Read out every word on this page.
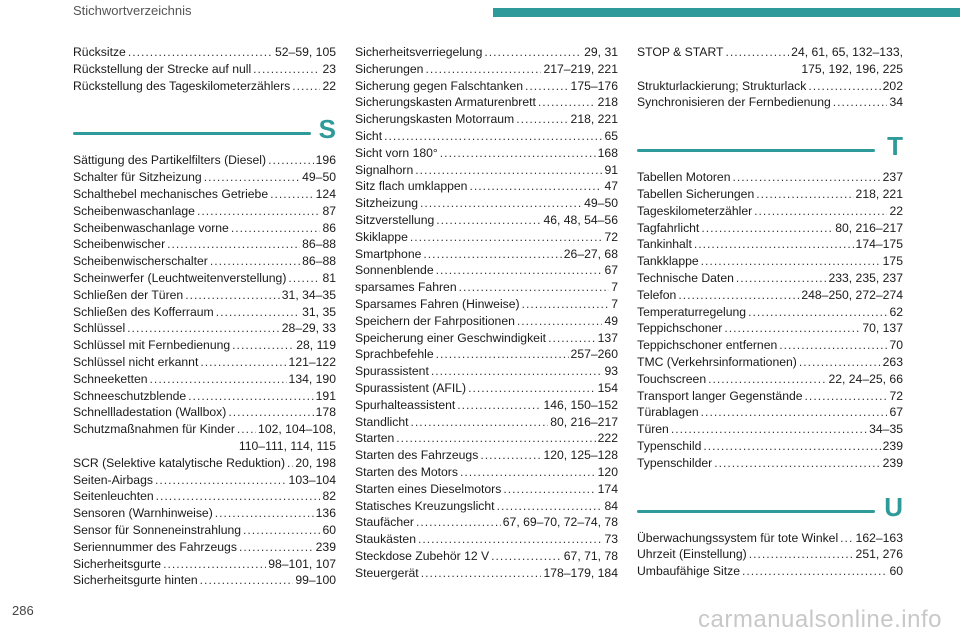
Stichwortverzeichnis
Rücksitze .....	52–59, 105
Rückstellung der Strecke auf null .....	23
Rückstellung des Tageskilometerzählers .....	22
S
Sättigung des Partikelfilters (Diesel) .....	196
Schalter für Sitzheizung .....	49–50
Schalthebel mechanisches Getriebe .....	124
Scheibenwaschanlage .....	87
Scheibenwaschanlage vorne .....	86
Scheibenwischer .....	86–88
Scheibenwischerschalter .....	86–88
Scheinwerfer (Leuchtweitenverstellung) .....	81
Schließen der Türen .....	31, 34–35
Schließen des Kofferraum .....	31, 35
Schlüssel .....	28–29, 33
Schlüssel mit Fernbedienung .....	28, 119
Schlüssel nicht erkannt .....	121–122
Schneeketten .....	134, 190
Schneeschutzblende .....	191
Schnellladestation (Wallbox) .....	178
Schutzmaßnahmen für Kinder ..... 102, 104–108,
110–111, 114, 115
SCR (Selektive katalytische Reduktion) ..... 20, 198
Seiten-Airbags .....	103–104
Seitenleuchten .....	82
Sensoren (Warnhinweise) .....	136
Sensor für Sonneneinstrahlung .....	60
Seriennummer des Fahrzeugs .....	239
Sicherheitsgurte .....	98–101, 107
Sicherheitsgurte hinten .....	99–100
Sicherheitsverriegelung .....	29, 31
Sicherungen .....	217–219, 221
Sicherung gegen Falschtanken .....	175–176
Sicherungskasten Armaturenbrett .....	218
Sicherungskasten Motorraum .....	218, 221
Sicht .....	65
Sicht vorn 180° .....	168
Signalhorn .....	91
Sitz flach umklappen .....	47
Sitzheizung .....	49–50
Sitzverstellung .....	46, 48, 54–56
Skiklappe .....	72
Smartphone .....	26–27, 68
Sonnenblende .....	67
sparsames Fahren .....	7
Sparsames Fahren (Hinweise) .....	7
Speichern der Fahrpositionen .....	49
Speicherung einer Geschwindigkeit .....	137
Sprachbefehle .....	257–260
Spurassistent .....	93
Spurassistent (AFIL) .....	154
Spurhalteassistent .....	146, 150–152
Standlicht .....	80, 216–217
Starten .....	222
Starten des Fahrzeugs .....	120, 125–128
Starten des Motors .....	120
Starten eines Dieselmotors .....	174
Statisches Kreuzungslicht .....	84
Staufächer .....	67, 69–70, 72–74, 78
Staukästen .....	73
Steckdose Zubehör 12 V .....	67, 71, 78
Steuergerät .....	178–179, 184
STOP & START .....	24, 61, 65, 132–133,
175, 192, 196, 225
Strukturlackierung; Strukturlack .....	202
Synchronisieren der Fernbedienung .....	34
T
Tabellen Motoren .....	237
Tabellen Sicherungen .....	218, 221
Tageskilometerzähler .....	22
Tagfahrlicht .....	80, 216–217
Tankinhalt .....	174–175
Tankklappe .....	175
Technische Daten .....	233, 235, 237
Telefon .....	248–250, 272–274
Temperaturregelung .....	62
Teppichschoner .....	70, 137
Teppichschoner entfernen .....	70
TMC (Verkehrsinformationen) .....	263
Touchscreen .....	22, 24–25, 66
Transport langer Gegenstände .....	72
Türablagen .....	67
Türen .....	34–35
Typenschild .....	239
Typenschilder .....	239
U
Überwachungssystem für tote Winkel ..... 162–163
Uhrzeit (Einstellung) .....	251, 276
Umbaufähige Sitze .....	60
286	carmanualsonline.info
